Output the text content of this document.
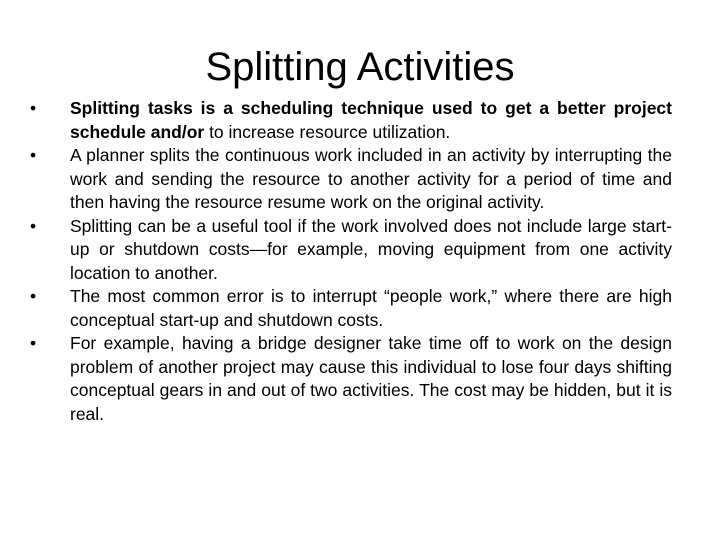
Splitting Activities
•	Splitting tasks is a scheduling technique used to get a better project schedule and/or to increase resource utilization.
•	A planner splits the continuous work included in an activity by interrupting the work and sending the resource to another activity for a period of time and then having the resource resume work on the original activity.
•	Splitting can be a useful tool if the work involved does not include large start-up or shutdown costs—for example, moving equipment from one activity location to another.
•	The most common error is to interrupt “people work,” where there are high conceptual start-up and shutdown costs.
•	For example, having a bridge designer take time off to work on the design problem of another project may cause this individual to lose four days shifting conceptual gears in and out of two activities. The cost may be hidden, but it is real.
